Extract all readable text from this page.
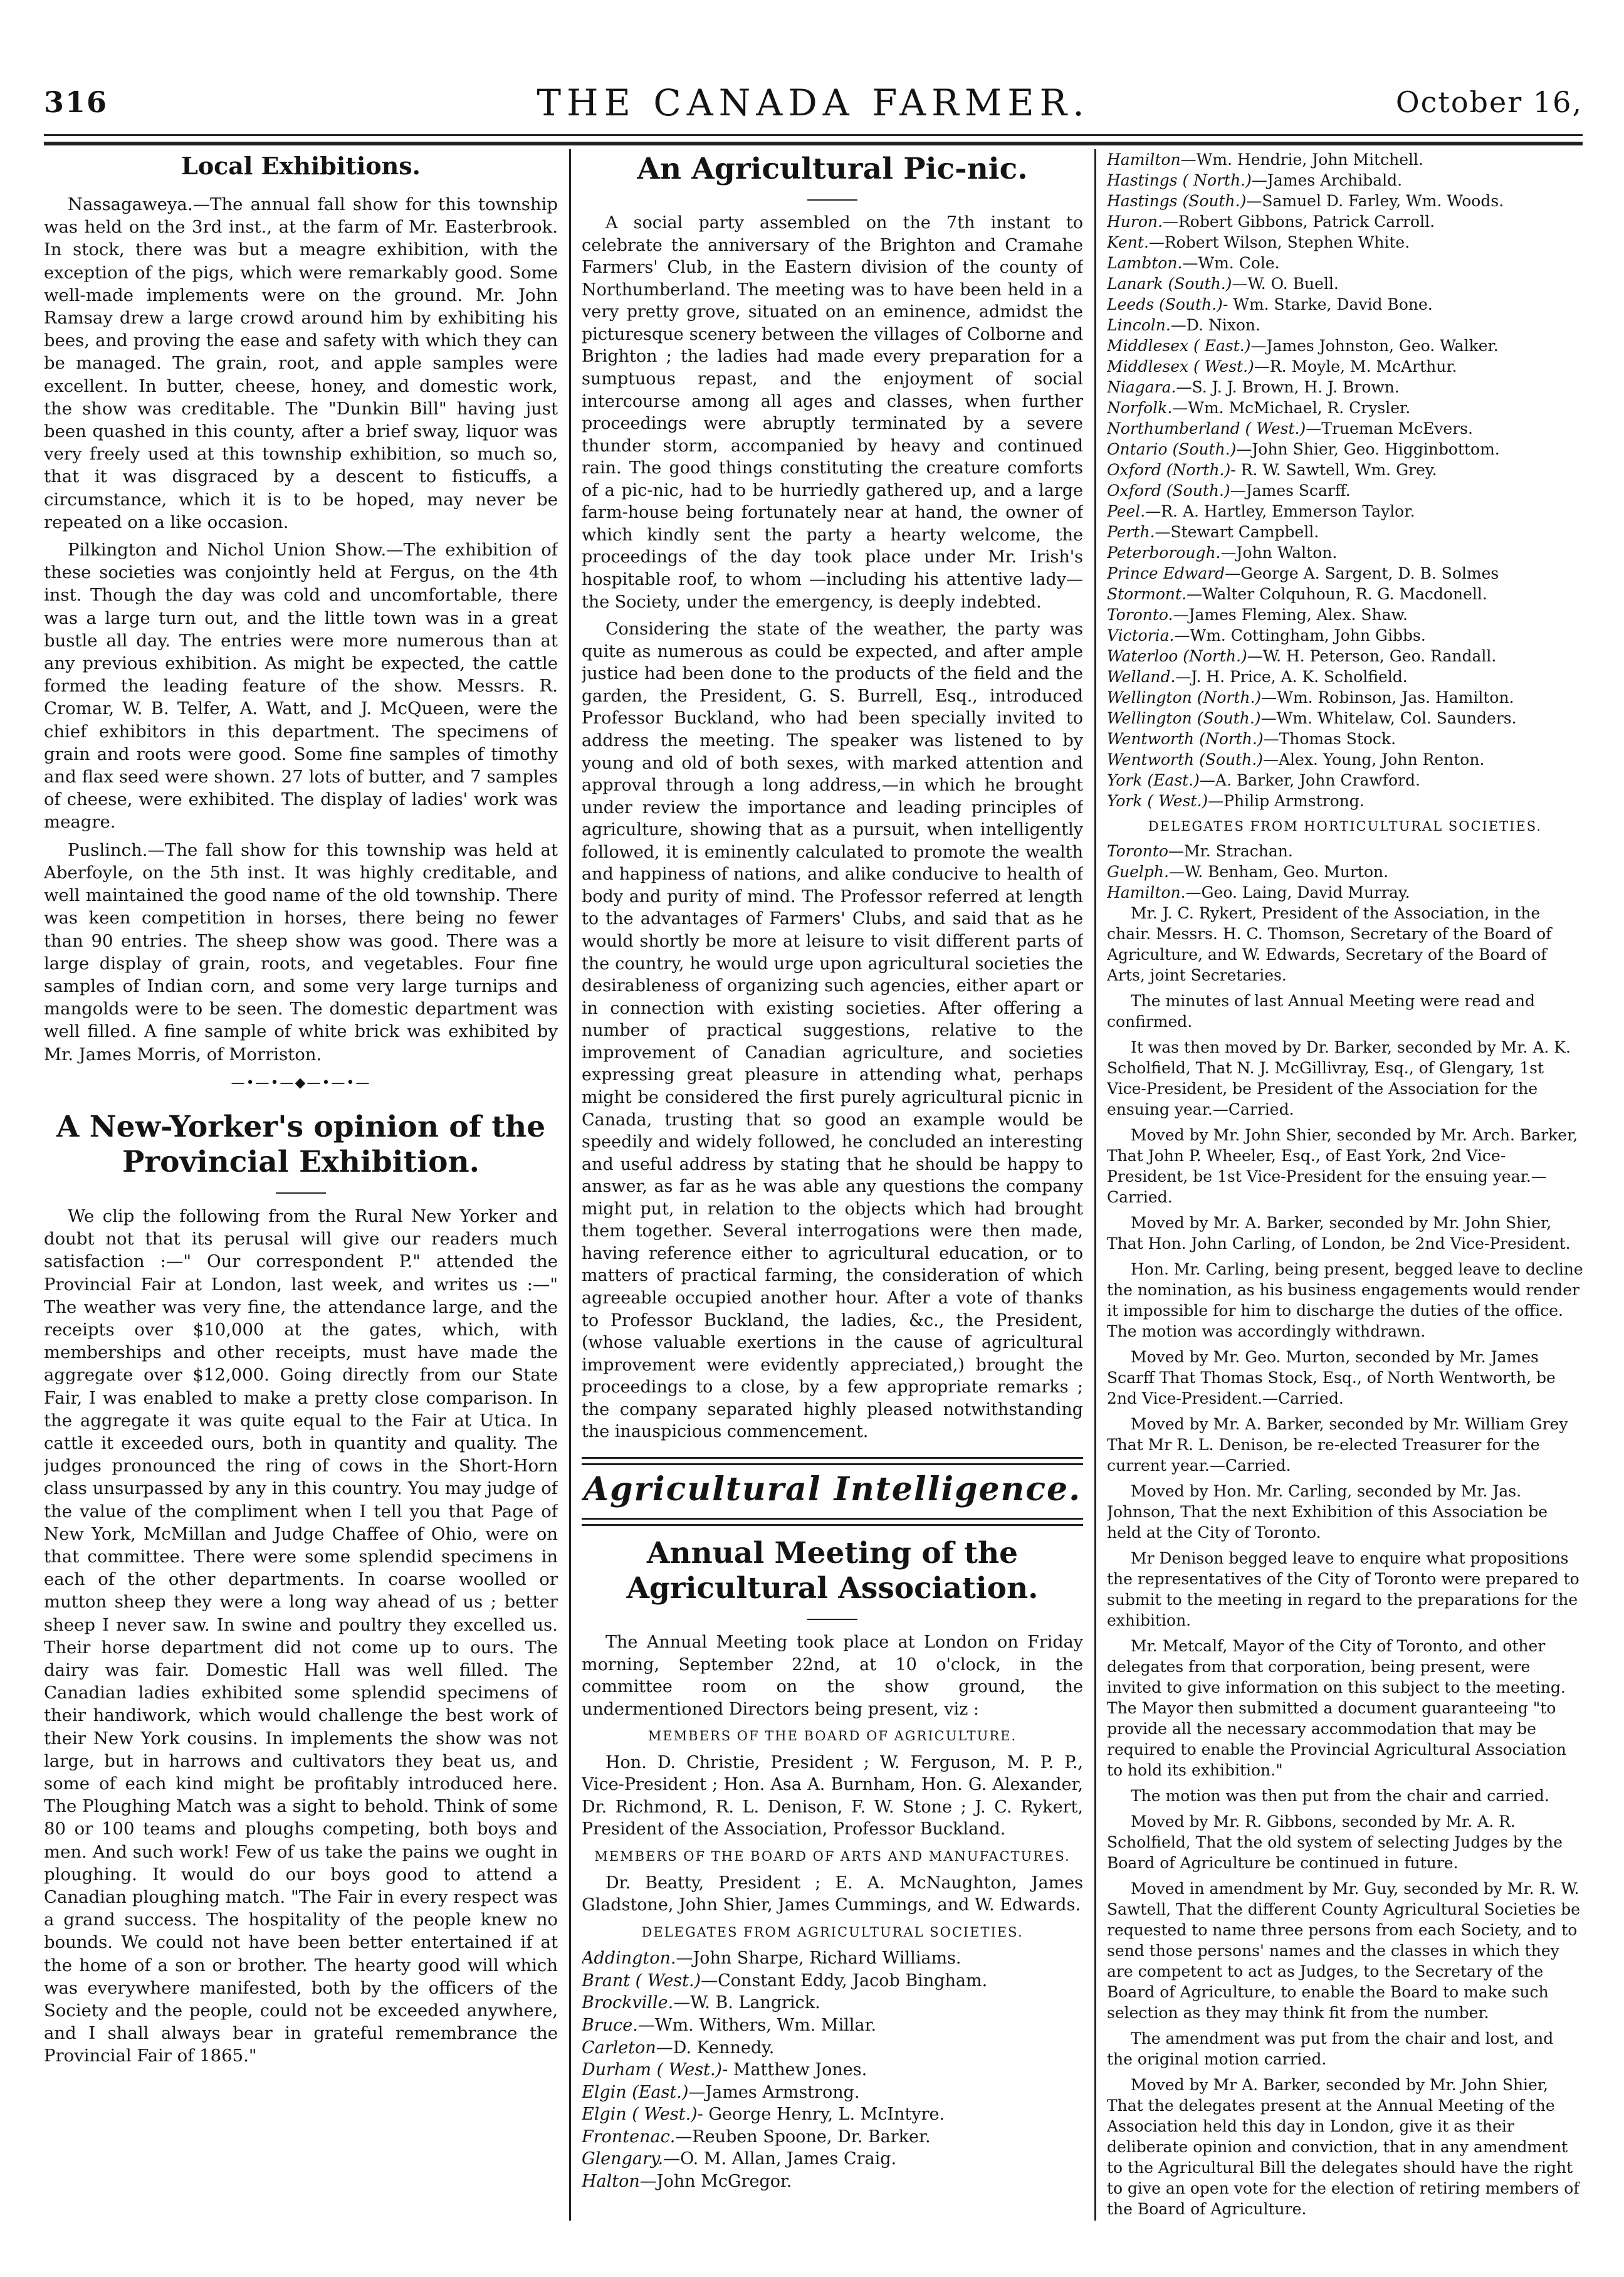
THE CANADA FARMER.
316	October 16,
Local Exhibitions.

Nassagaweya.—The annual fall show for this township was held on the 3rd inst., at the farm of Mr. Easterbrook. In stock, there was but a meagre exhibition, with the exception of the pigs, which were remarkably good. Some well-made implements were on the ground. Mr. John Ramsay drew a large crowd around him by exhibiting his bees, and proving the ease and safety with which they can be managed. The grain, root, and apple samples were excellent. In butter, cheese, honey, and domestic work, the show was creditable. The "Dunkin Bill" having just been quashed in this county, after a brief sway, liquor was very freely used at this township exhibition, so much so, that it was disgraced by a descent to fisticuffs, a circumstance, which it is to be hoped, may never be repeated on a like occasion.

Pilkington and Nichol Union Show.—The exhibition of these societies was conjointly held at Fergus, on the 4th inst. Though the day was cold and uncomfortable, there was a large turn out, and the little town was in a great bustle all day. The entries were more numerous than at any previous exhibition. As might be expected, the cattle formed the leading feature of the show. Messrs. R. Cromar, W. B. Telfer, A. Watt, and J. McQueen, were the chief exhibitors in this department. The specimens of grain and roots were good. Some fine samples of timothy and flax seed were shown. 27 lots of butter, and 7 samples of cheese, were exhibited. The display of ladies' work was meagre.

Puslinch.—The fall show for this township was held at Aberfoyle, on the 5th inst. It was highly creditable, and well maintained the good name of the old township. There was keen competition in horses, there being no fewer than 90 entries. The sheep show was good. There was a large display of grain, roots, and vegetables. Four fine samples of Indian corn, and some very large turnips and mangolds were to be seen. The domestic department was well filled. A fine sample of white brick was exhibited by Mr. James Morris, of Morriston.

—•—•—◆—•—•—
A New-Yorker's opinion of the Provincial Exhibition.

We clip the following from the Rural New Yorker and doubt not that its perusal will give our readers much satisfaction :—" Our correspondent P." attended the Provincial Fair at London, last week, and writes us :—" The weather was very fine, the attendance large, and the receipts over $10,000 at the gates, which, with memberships and other receipts, must have made the aggregate over $12,000. Going directly from our State Fair, I was enabled to make a pretty close comparison. In the aggregate it was quite equal to the Fair at Utica. In cattle it exceeded ours, both in quantity and quality. The judges pronounced the ring of cows in the Short-Horn class unsurpassed by any in this country. You may judge of the value of the compliment when I tell you that Page of New York, McMillan and Judge Chaffee of Ohio, were on that committee. There were some splendid specimens in each of the other departments. In coarse woolled or mutton sheep they were a long way ahead of us ; better sheep I never saw. In swine and poultry they excelled us. Their horse department did not come up to ours. The dairy was fair. Domestic Hall was well filled. The Canadian ladies exhibited some splendid specimens of their handiwork, which would challenge the best work of their New York cousins. In implements the show was not large, but in harrows and cultivators they beat us, and some of each kind might be profitably introduced here. The Ploughing Match was a sight to behold. Think of some 80 or 100 teams and ploughs competing, both boys and men. And such work! Few of us take the pains we ought in ploughing. It would do our boys good to attend a Canadian ploughing match. "The Fair in every respect was a grand success. The hospitality of the people knew no bounds. We could not have been better entertained if at the home of a son or brother. The hearty good will which was everywhere manifested, both by the officers of the Society and the people, could not be exceeded anywhere, and I shall always bear in grateful remembrance the Provincial Fair of 1865."

An Agricultural Pic-nic.

A social party assembled on the 7th instant to celebrate the anniversary of the Brighton and Cramahe Farmers' Club, in the Eastern division of the county of Northumberland. The meeting was to have been held in a very pretty grove, situated on an eminence, admidst the picturesque scenery between the villages of Colborne and Brighton ; the ladies had made every preparation for a sumptuous repast, and the enjoyment of social intercourse among all ages and classes, when further proceedings were abruptly terminated by a severe thunder storm, accompanied by heavy and continued rain. The good things constituting the creature comforts of a pic-nic, had to be hurriedly gathered up, and a large farm-house being fortunately near at hand, the owner of which kindly sent the party a hearty welcome, the proceedings of the day took place under Mr. Irish's hospitable roof, to whom —including his attentive lady—the Society, under the emergency, is deeply indebted.

Considering the state of the weather, the party was quite as numerous as could be expected, and after ample justice had been done to the products of the field and the garden, the President, G. S. Burrell, Esq., introduced Professor Buckland, who had been specially invited to address the meeting. The speaker was listened to by young and old of both sexes, with marked attention and approval through a long address,—in which he brought under review the importance and leading principles of agriculture, showing that as a pursuit, when intelligently followed, it is eminently calculated to promote the wealth and happiness of nations, and alike conducive to health of body and purity of mind. The Professor referred at length to the advantages of Farmers' Clubs, and said that as he would shortly be more at leisure to visit different parts of the country, he would urge upon agricultural societies the desirableness of organizing such agencies, either apart or in connection with existing societies. After offering a number of practical suggestions, relative to the improvement of Canadian agriculture, and societies expressing great pleasure in attending what, perhaps might be considered the first purely agricultural picnic in Canada, trusting that so good an example would be speedily and widely followed, he concluded an interesting and useful address by stating that he should be happy to answer, as far as he was able any questions the company might put, in relation to the objects which had brought them together. Several interrogations were then made, having reference either to agricultural education, or to matters of practical farming, the consideration of which agreeable occupied another hour. After a vote of thanks to Professor Buckland, the ladies, &c., the President, (whose valuable exertions in the cause of agricultural improvement were evidently appreciated,) brought the proceedings to a close, by a few appropriate remarks ; the company separated highly pleased notwithstanding the inauspicious commencement.

Agricultural Intelligence.
Annual Meeting of the Agricultural Association.

The Annual Meeting took place at London on Friday morning, September 22nd, at 10 o'clock, in the committee room on the show ground, the undermentioned Directors being present, viz :

MEMBERS OF THE BOARD OF AGRICULTURE.

Hon. D. Christie, President ; W. Ferguson, M. P. P., Vice-President ; Hon. Asa A. Burnham, Hon. G. Alexander, Dr. Richmond, R. L. Denison, F. W. Stone ; J. C. Rykert, President of the Association, Professor Buckland.

MEMBERS OF THE BOARD OF ARTS AND MANUFACTURES.

Dr. Beatty, President ; E. A. McNaughton, James Gladstone, John Shier, James Cummings, and W. Edwards.

DELEGATES FROM AGRICULTURAL SOCIETIES.
Addington.—John Sharpe, Richard Williams.
Brant ( West.)—Constant Eddy, Jacob Bingham.
Brockville.—W. B. Langrick.
Bruce.—Wm. Withers, Wm. Millar.
Carleton—D. Kennedy.
Durham ( West.)- Matthew Jones.
Elgin (East.)—James Armstrong.
Elgin ( West.)- George Henry, L. McIntyre.
Frontenac.—Reuben Spoone, Dr. Barker.
Glengary.—O. M. Allan, James Craig.
Halton—John McGregor.
Hamilton—Wm. Hendrie, John Mitchell.
Hastings ( North.)—James Archibald.
Hastings (South.)—Samuel D. Farley, Wm. Woods.
Huron.—Robert Gibbons, Patrick Carroll.
Kent.—Robert Wilson, Stephen White.
Lambton.—Wm. Cole.
Lanark (South.)—W. O. Buell.
Leeds (South.)- Wm. Starke, David Bone.
Lincoln.—D. Nixon.
Middlesex ( East.)—James Johnston, Geo. Walker.
Middlesex ( West.)—R. Moyle, M. McArthur.
Niagara.—S. J. J. Brown, H. J. Brown.
Norfolk.—Wm. McMichael, R. Crysler.
Northumberland ( West.)—Trueman McEvers.
Ontario (South.)—John Shier, Geo. Higginbottom.
Oxford (North.)- R. W. Sawtell, Wm. Grey.
Oxford (South.)—James Scarff.
Peel.—R. A. Hartley, Emmerson Taylor.
Perth.—Stewart Campbell.
Peterborough.—John Walton.
Prince Edward—George A. Sargent, D. B. Solmes
Stormont.—Walter Colquhoun, R. G. Macdonell.
Toronto.—James Fleming, Alex. Shaw.
Victoria.—Wm. Cottingham, John Gibbs.
Waterloo (North.)—W. H. Peterson, Geo. Randall.
Welland.—J. H. Price, A. K. Scholfield.
Wellington (North.)—Wm. Robinson, Jas. Hamilton.
Wellington (South.)—Wm. Whitelaw, Col. Saunders.
Wentworth (North.)—Thomas Stock.
Wentworth (South.)—Alex. Young, John Renton.
York (East.)—A. Barker, John Crawford.
York ( West.)—Philip Armstrong.
DELEGATES FROM HORTICULTURAL SOCIETIES.
Toronto—Mr. Strachan.
Guelph.—W. Benham, Geo. Murton.
Hamilton.—Geo. Laing, David Murray.

Mr. J. C. Rykert, President of the Association, in the chair. Messrs. H. C. Thomson, Secretary of the Board of Agriculture, and W. Edwards, Secretary of the Board of Arts, joint Secretaries.

The minutes of last Annual Meeting were read and confirmed.

It was then moved by Dr. Barker, seconded by Mr. A. K. Scholfield, That N. J. McGillivray, Esq., of Glengary, 1st Vice-President, be President of the Association for the ensuing year.—Carried.

Moved by Mr. John Shier, seconded by Mr. Arch. Barker, That John P. Wheeler, Esq., of East York, 2nd Vice-President, be 1st Vice-President for the ensuing year.—Carried.

Moved by Mr. A. Barker, seconded by Mr. John Shier, That Hon. John Carling, of London, be 2nd Vice-President.

Hon. Mr. Carling, being present, begged leave to decline the nomination, as his business engagements would render it impossible for him to discharge the duties of the office. The motion was accordingly withdrawn.

Moved by Mr. Geo. Murton, seconded by Mr. James Scarff That Thomas Stock, Esq., of North Wentworth, be 2nd Vice-President.—Carried.

Moved by Mr. A. Barker, seconded by Mr. William Grey That Mr R. L. Denison, be re-elected Treasurer for the current year.—Carried.

Moved by Hon. Mr. Carling, seconded by Mr. Jas. Johnson, That the next Exhibition of this Association be held at the City of Toronto.

Mr Denison begged leave to enquire what propositions the representatives of the City of Toronto were prepared to submit to the meeting in regard to the preparations for the exhibition.

Mr. Metcalf, Mayor of the City of Toronto, and other delegates from that corporation, being present, were invited to give information on this subject to the meeting. The Mayor then submitted a document guaranteeing "to provide all the necessary accommodation that may be required to enable the Provincial Agricultural Association to hold its exhibition."

The motion was then put from the chair and carried.

Moved by Mr. R. Gibbons, seconded by Mr. A. R. Scholfield, That the old system of selecting Judges by the Board of Agriculture be continued in future.

Moved in amendment by Mr. Guy, seconded by Mr. R. W. Sawtell, That the different County Agricultural Societies be requested to name three persons from each Society, and to send those persons' names and the classes in which they are competent to act as Judges, to the Secretary of the Board of Agriculture, to enable the Board to make such selection as they may think fit from the number.

The amendment was put from the chair and lost, and the original motion carried.

Moved by Mr A. Barker, seconded by Mr. John Shier, That the delegates present at the Annual Meeting of the Association held this day in London, give it as their deliberate opinion and conviction, that in any amendment to the Agricultural Bill the delegates should have the right to give an open vote for the election of retiring members of the Board of Agriculture.
